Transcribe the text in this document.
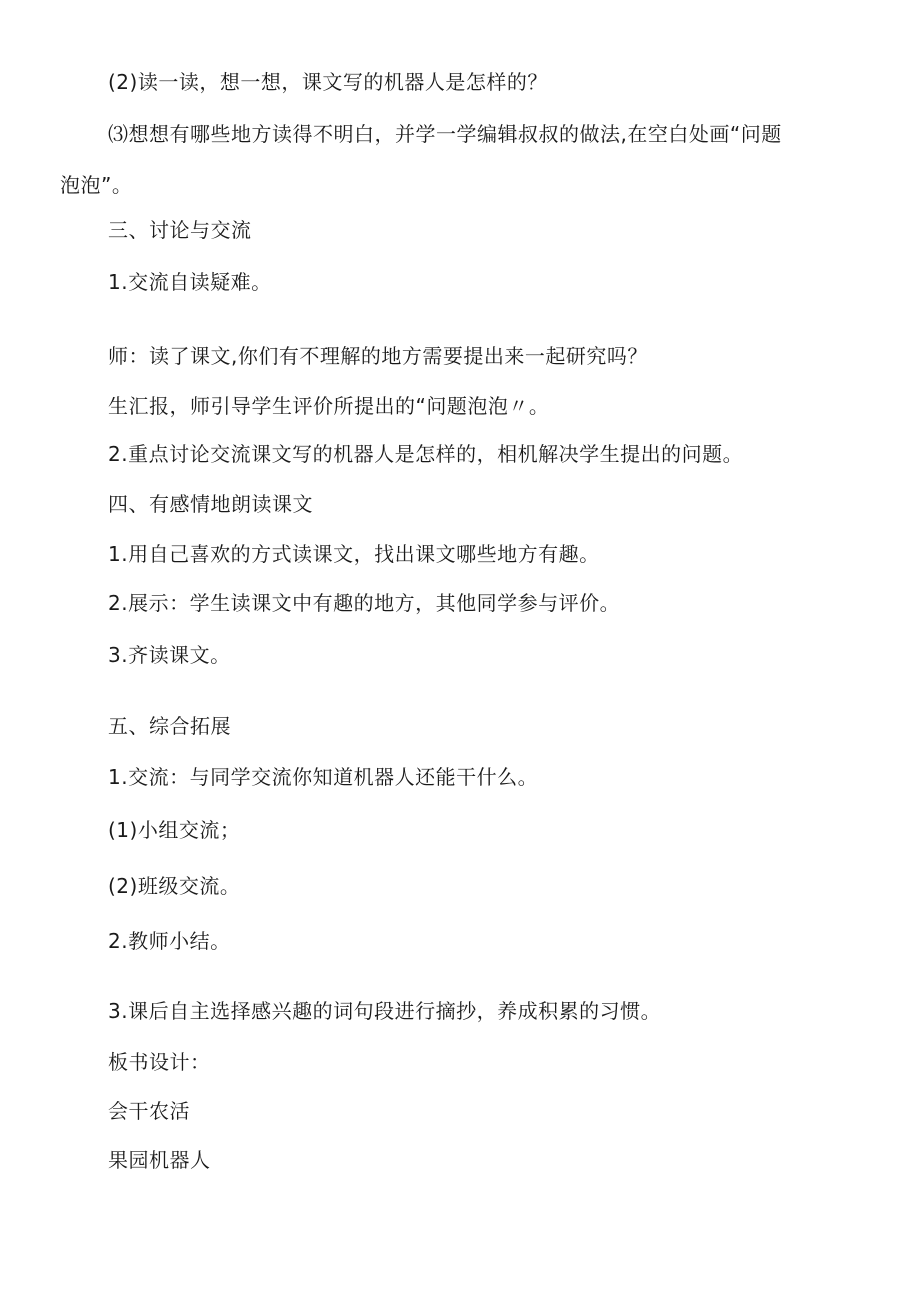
(2)读一读，想一想，课文写的机器人是怎样的？

⑶想想有哪些地方读得不明白，并学一学编辑叔叔的做法,在空白处画“问题

泡泡”。

三、讨论与交流

1.交流自读疑难。

师：读了课文,你们有不理解的地方需要提出来一起研究吗？

生汇报，师引导学生评价所提出的“问题泡泡〃。

2.重点讨论交流课文写的机器人是怎样的，相机解决学生提出的问题。

四、有感情地朗读课文

1.用自己喜欢的方式读课文，找出课文哪些地方有趣。

2.展示：学生读课文中有趣的地方，其他同学参与评价。

3.齐读课文。

五、综合拓展

1.交流：与同学交流你知道机器人还能干什么。

(1)小组交流；

(2)班级交流。

2.教师小结。

3.课后自主选择感兴趣的词句段进行摘抄，养成积累的习惯。

板书设计：

会干农活

果园机器人
